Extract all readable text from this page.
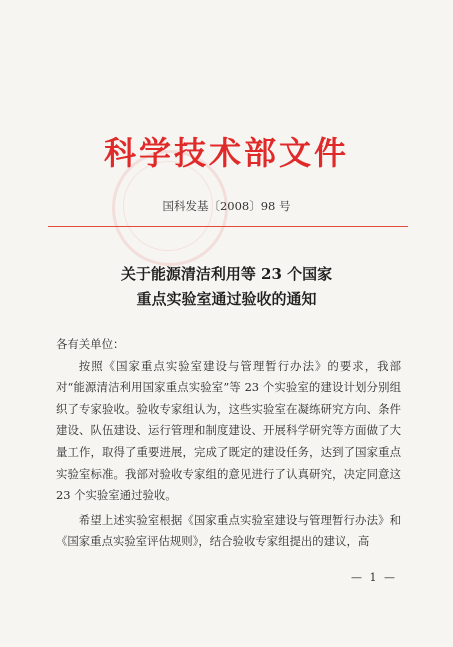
科学技术部文件
国科发基〔2008〕98 号
关于能源清洁利用等 23 个国家
重点实验室通过验收的通知
各有关单位：
按照《国家重点实验室建设与管理暂行办法》的要求，我部对“能源清洁利用国家重点实验室”等 23 个实验室的建设计划分别组织了专家验收。验收专家组认为，这些实验室在凝练研究方向、条件建设、队伍建设、运行管理和制度建设、开展科学研究等方面做了大量工作，取得了重要进展，完成了既定的建设任务，达到了国家重点实验室标准。我部对验收专家组的意见进行了认真研究，决定同意这 23 个实验室通过验收。
希望上述实验室根据《国家重点实验室建设与管理暂行办法》和《国家重点实验室评估规则》，结合验收专家组提出的建议，高
— 1 —
